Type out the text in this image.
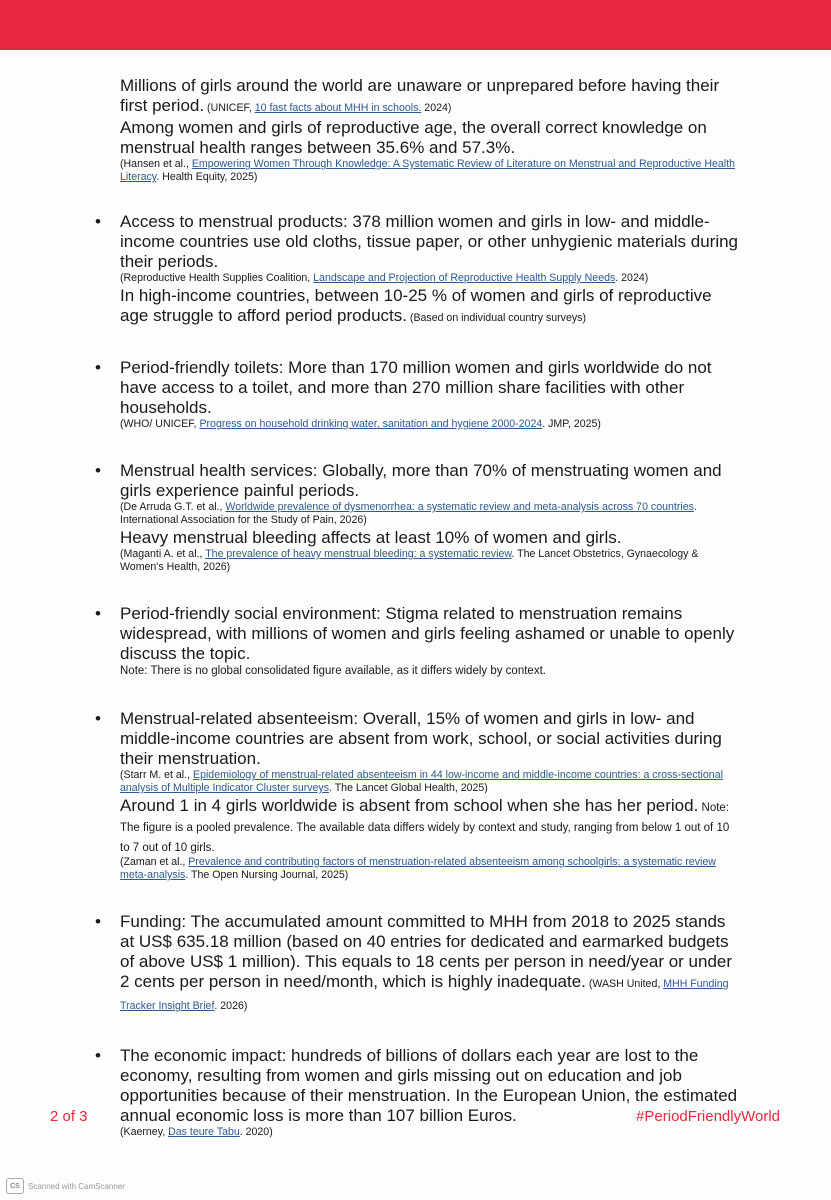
Millions of girls around the world are unaware or unprepared before having their first period. (UNICEF, 10 fast facts about MHH in schools. 2024)

Among women and girls of reproductive age, the overall correct knowledge on menstrual health ranges between 35.6% and 57.3%.

(Hansen et al., Empowering Women Through Knowledge: A Systematic Review of Literature on Menstrual and Reproductive Health Literacy. Health Equity, 2025)

• Access to menstrual products: 378 million women and girls in low- and middle-income countries use old cloths, tissue paper, or other unhygienic materials during their periods.

(Reproductive Health Supplies Coalition, Landscape and Projection of Reproductive Health Supply Needs. 2024)

In high-income countries, between 10-25 % of women and girls of reproductive age struggle to afford period products. (Based on individual country surveys)

• Period-friendly toilets: More than 170 million women and girls worldwide do not have access to a toilet, and more than 270 million share facilities with other households.

(WHO/ UNICEF, Progress on household drinking water, sanitation and hygiene 2000-2024. JMP, 2025)

• Menstrual health services: Globally, more than 70% of menstruating women and girls experience painful periods.

(De Arruda G.T. et al., Worldwide prevalence of dysmenorrhea: a systematic review and meta-analysis across 70 countries. International Association for the Study of Pain, 2026)

Heavy menstrual bleeding affects at least 10% of women and girls.

(Maganti A. et al., The prevalence of heavy menstrual bleeding: a systematic review. The Lancet Obstetrics, Gynaecology & Women's Health, 2026)

• Period-friendly social environment: Stigma related to menstruation remains widespread, with millions of women and girls feeling ashamed or unable to openly discuss the topic.

Note: There is no global consolidated figure available, as it differs widely by context.

• Menstrual-related absenteeism: Overall, 15% of women and girls in low- and middle-income countries are absent from work, school, or social activities during their menstruation.

(Starr M. et al., Epidemiology of menstrual-related absenteeism in 44 low-income and middle-income countries: a cross-sectional analysis of Multiple Indicator Cluster surveys. The Lancet Global Health, 2025)

Around 1 in 4 girls worldwide is absent from school when she has her period. Note: The figure is a pooled prevalence. The available data differs widely by context and study, ranging from below 1 out of 10 to 7 out of 10 girls.

(Zaman et al., Prevalence and contributing factors of menstruation-related absenteeism among schoolgirls: a systematic review meta-analysis. The Open Nursing Journal, 2025)

• Funding: The accumulated amount committed to MHH from 2018 to 2025 stands at US$ 635.18 million (based on 40 entries for dedicated and earmarked budgets of above US$ 1 million). This equals to 18 cents per person in need/year or under 2 cents per person in need/month, which is highly inadequate. (WASH United, MHH Funding Tracker Insight Brief. 2026)

• The economic impact: hundreds of billions of dollars each year are lost to the economy, resulting from women and girls missing out on education and job opportunities because of their menstruation. In the European Union, the estimated annual economic loss is more than 107 billion Euros.

(Kaerney, Das teure Tabu. 2020)

2 of 3	#PeriodFriendlyWorld
CS	Scanned with CamScanner
